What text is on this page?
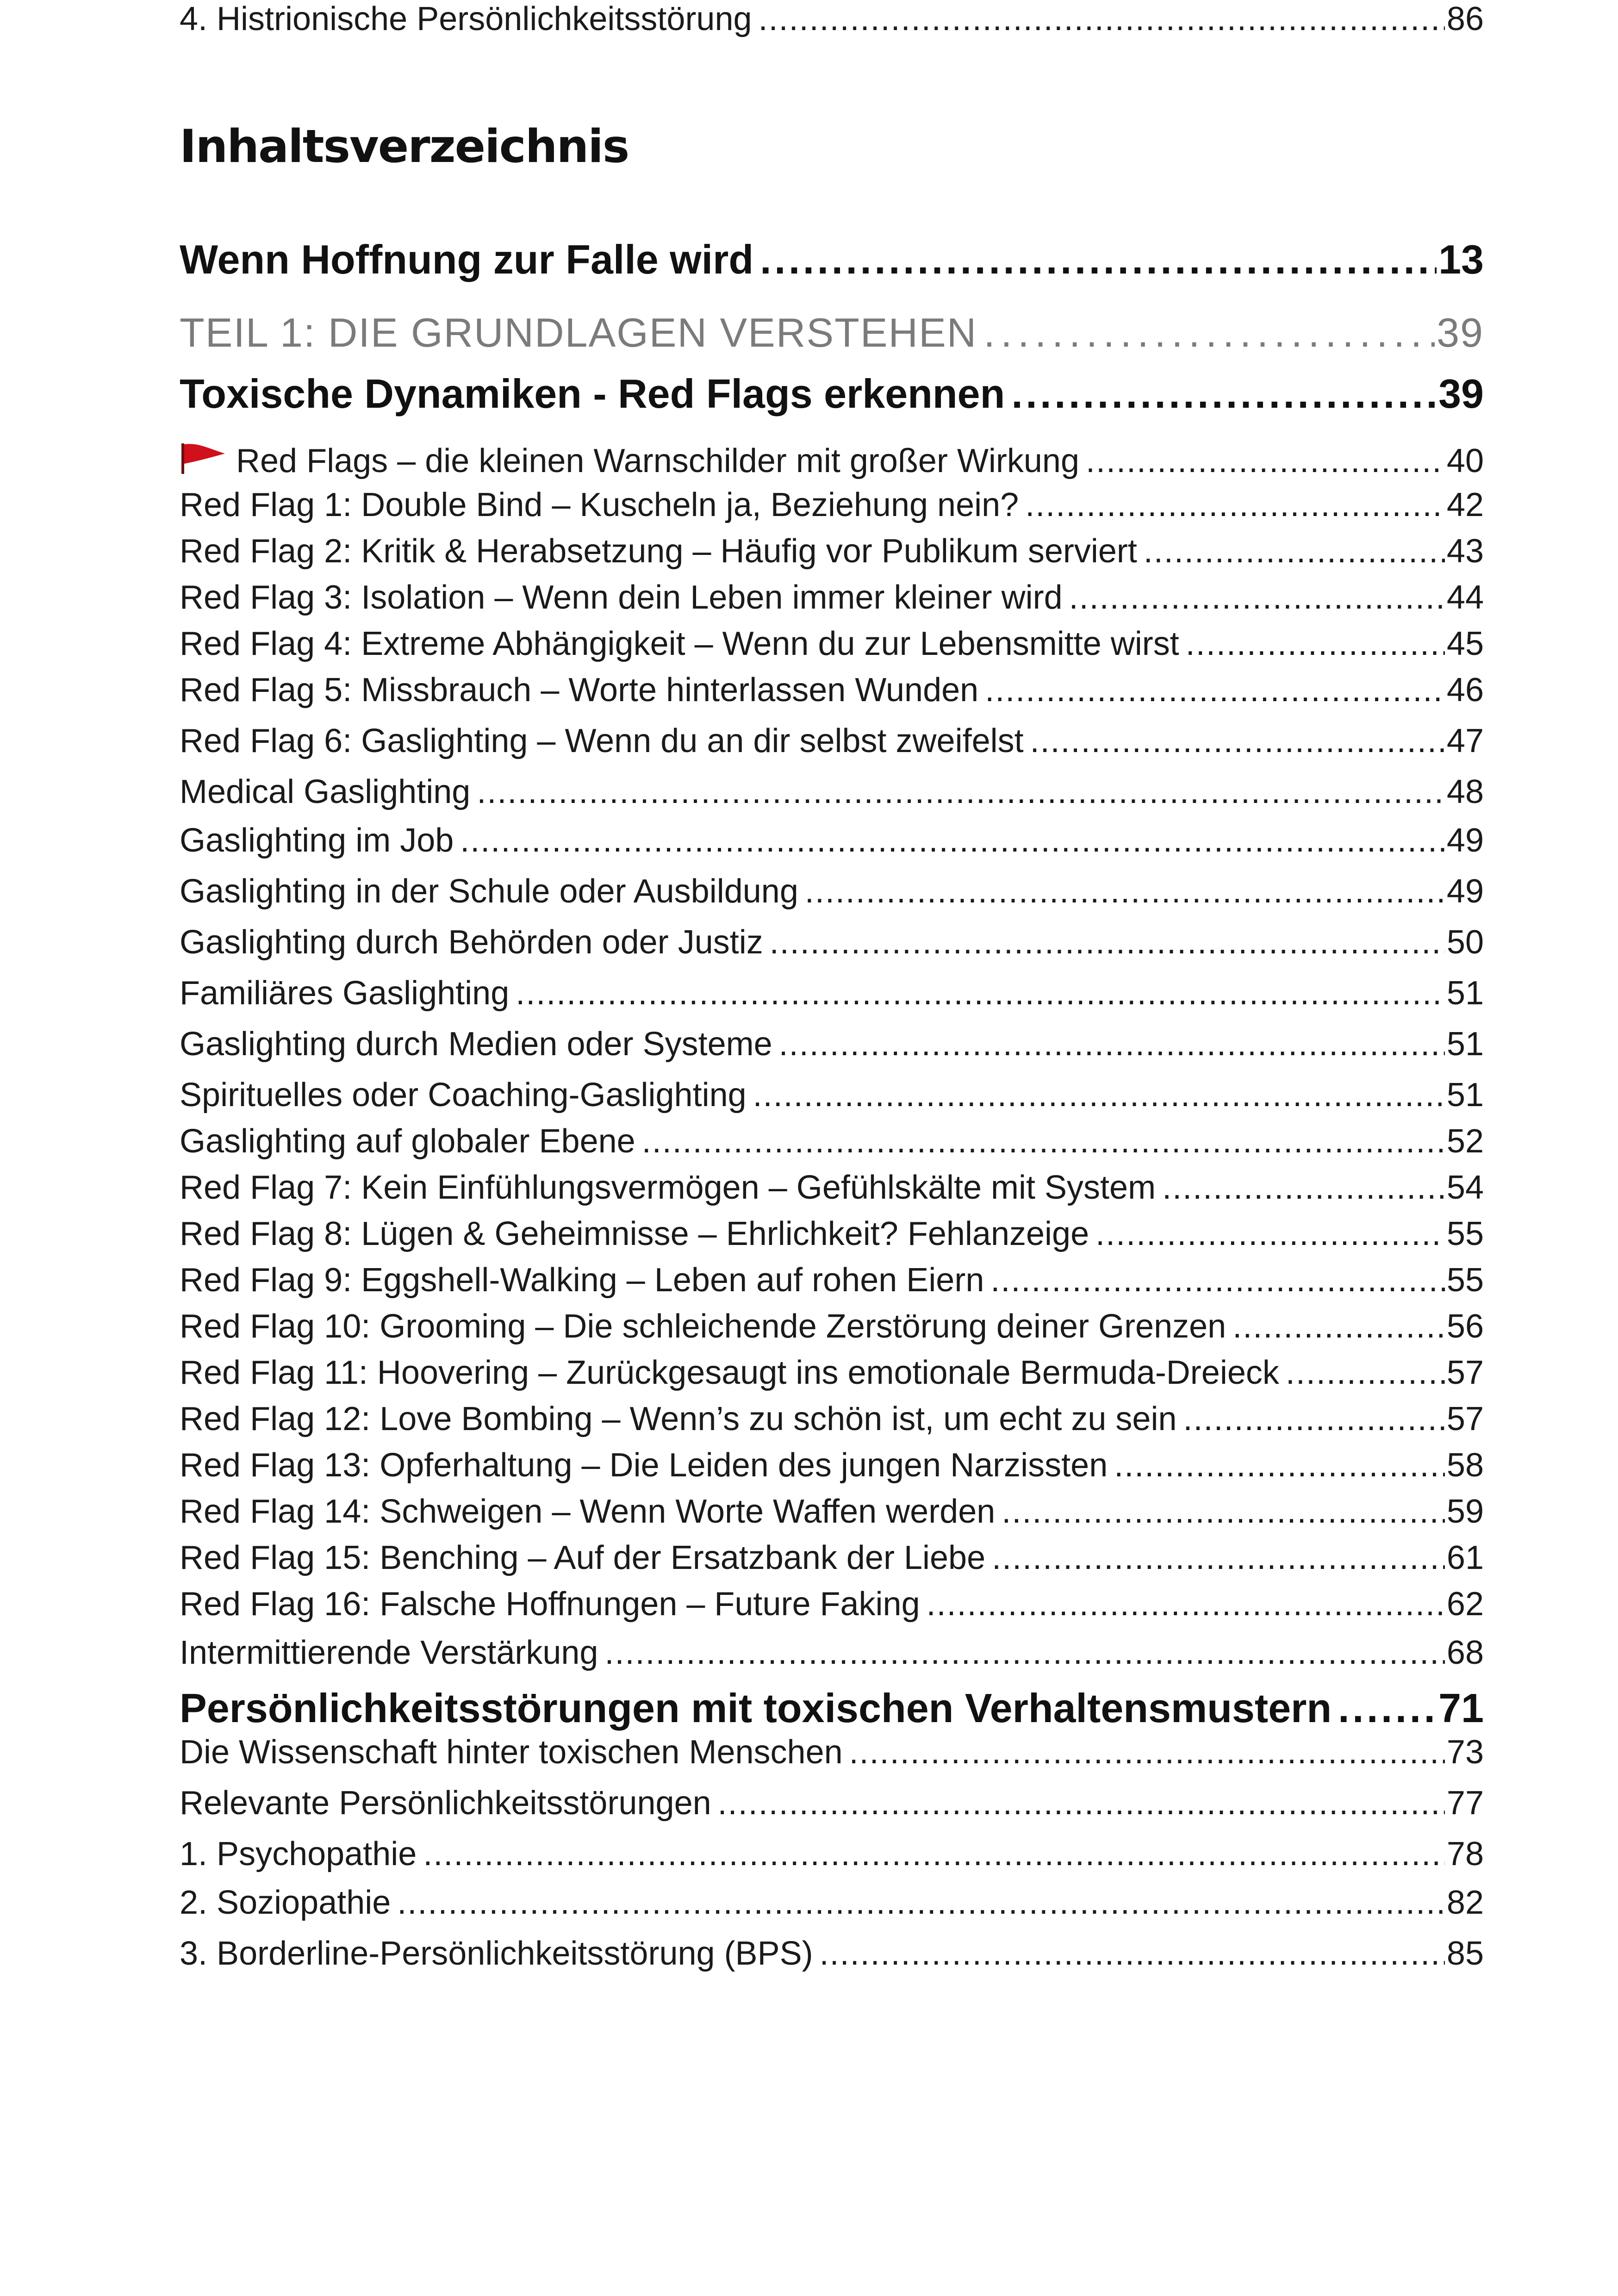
Inhaltsverzeichnis
Wenn Hoffnung zur Falle wird . . .	13
TEIL 1: DIE GRUNDLAGEN VERSTEHEN . . .	39
Toxische Dynamiken - Red Flags erkennen . . .	39
Red Flags – die kleinen Warnschilder mit großer Wirkung . . .	40
Red Flag 1: Double Bind – Kuscheln ja, Beziehung nein? . . .	42
Red Flag 2: Kritik & Herabsetzung – Häufig vor Publikum serviert . . .	43
Red Flag 3: Isolation – Wenn dein Leben immer kleiner wird . . .	44
Red Flag 4: Extreme Abhängigkeit – Wenn du zur Lebensmitte wirst . . .	45
Red Flag 5: Missbrauch – Worte hinterlassen Wunden . . .	46
Red Flag 6: Gaslighting – Wenn du an dir selbst zweifelst . . .	47
Medical Gaslighting . . .	48
Gaslighting im Job . . .	49
Gaslighting in der Schule oder Ausbildung . . .	49
Gaslighting durch Behörden oder Justiz . . .	50
Familiäres Gaslighting . . .	51
Gaslighting durch Medien oder Systeme . . .	51
Spirituelles oder Coaching-Gaslighting . . .	51
Gaslighting auf globaler Ebene . . .	52
Red Flag 7: Kein Einfühlungsvermögen – Gefühlskälte mit System . . .	54
Red Flag 8: Lügen & Geheimnisse – Ehrlichkeit? Fehlanzeige . . .	55
Red Flag 9: Eggshell-Walking – Leben auf rohen Eiern . . .	55
Red Flag 10: Grooming – Die schleichende Zerstörung deiner Grenzen . . .	56
Red Flag 11: Hoovering – Zurückgesaugt ins emotionale Bermuda-Dreieck . . .	57
Red Flag 12: Love Bombing – Wenn’s zu schön ist, um echt zu sein . . .	57
Red Flag 13: Opferhaltung – Die Leiden des jungen Narzissten . . .	58
Red Flag 14: Schweigen – Wenn Worte Waffen werden . . .	59
Red Flag 15: Benching – Auf der Ersatzbank der Liebe . . .	61
Red Flag 16: Falsche Hoffnungen – Future Faking . . .	62
Intermittierende Verstärkung . . .	68
Persönlichkeitsstörungen mit toxischen Verhaltensmustern . . .	71
Die Wissenschaft hinter toxischen Menschen . . .	73
Relevante Persönlichkeitsstörungen . . .	77
1. Psychopathie . . .	78
2. Soziopathie . . .	82
3. Borderline-Persönlichkeitsstörung (BPS) . . .	85
4. Histrionische Persönlichkeitsstörung . . .	86
